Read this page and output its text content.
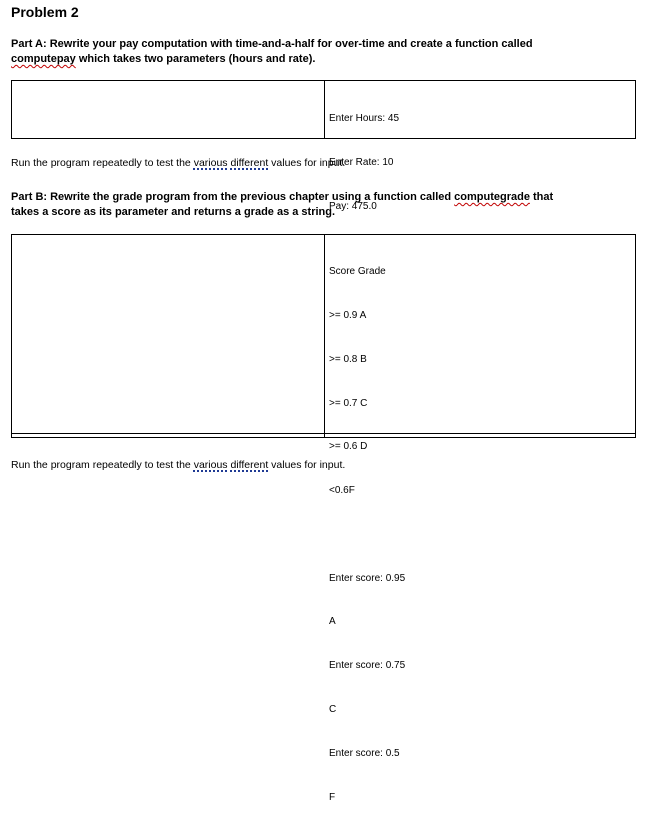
Problem 2
Part A: Rewrite your pay computation with time-and-a-half for over-time and create a function called
computepay which takes two parameters (hours and rate).

Enter Hours: 45

Enter Rate: 10

Pay: 475.0

Run the program repeatedly to test the various different values for input.
Part B: Rewrite the grade program from the previous chapter using a function called computegrade that
takes a score as its parameter and returns a grade as a string.

Score Grade

>= 0.9 A

>= 0.8 B

>= 0.7 C

>= 0.6 D

<0.6F

Enter score: 0.95

A

Enter score: 0.75

C

Enter score: 0.5

F

Run the program repeatedly to test the various different values for input.
